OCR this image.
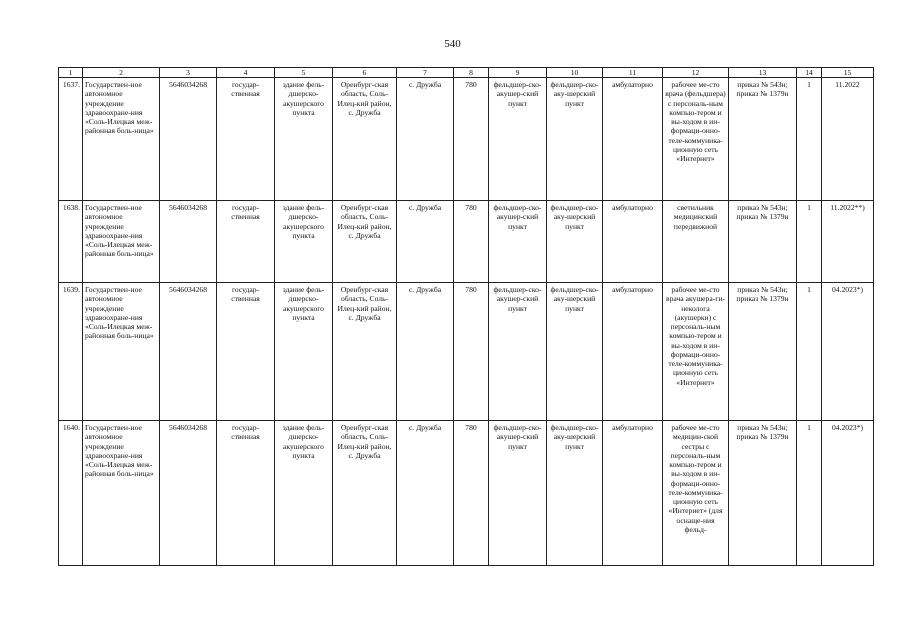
540
1	2	3	4	5	6	7	8	9	10	11	12	13	14	15
1637.	Государствен-ное автономное учреждение здравоохране-ния «Соль-Илецкая меж-районная боль-ница»	5646034268	государ-ственная	здание фель-дшерско-акушерского пункта	Оренбург-ская область, Соль-Илец-кий район, с. Дружба	с. Дружба	780	фельдшер-ско-акушер-ский пункт	фельдшер-ско-аку-шерский пункт	амбулаторно	рабочее ме-сто врача (фельдшера) с персональ-ным компью-тером и вы-ходом в ин-формаци-онно-теле-коммуника-ционную сеть «Интернет»	приказ № 543н; приказ № 1379н	1	11.2022
1638.	Государствен-ное автономное учреждение здравоохране-ния «Соль-Илецкая меж-районная боль-ница»	5646034268	государ-ственная	здание фель-дшерско-акушерского пункта	Оренбург-ская область, Соль-Илец-кий район, с. Дружба	с. Дружба	780	фельдшер-ско-акушер-ский пункт	фельдшер-ско-аку-шерский пункт	амбулаторно	светильник медицинский передвижной	приказ № 543н; приказ № 1379н	1	11.2022**)
1639.	Государствен-ное автономное учреждение здравоохране-ния «Соль-Илецкая меж-районная боль-ница»	5646034268	государ-ственная	здание фель-дшерско-акушерского пункта	Оренбург-ская область, Соль-Илец-кий район, с. Дружба	с. Дружба	780	фельдшер-ско-акушер-ский пункт	фельдшер-ско-аку-шерский пункт	амбулаторно	рабочее ме-сто врача акушера-ги-неколога (акушерки) с персональ-ным компью-тером и вы-ходом в ин-формаци-онно-теле-коммуника-ционную сеть «Интернет»	приказ № 543н; приказ № 1379н	1	04.2023*)
1640.	Государствен-ное автономное учреждение здравоохране-ния «Соль-Илецкая меж-районная боль-ница»	5646034268	государ-ственная	здание фель-дшерско-акушерского пункта	Оренбург-ская область, Соль-Илец-кий район, с. Дружба	с. Дружба	780	фельдшер-ско-акушер-ский пункт	фельдшер-ско-аку-шерский пункт	амбулаторно	рабочее ме-сто медицин-ской сестры с персональ-ным компью-тером и вы-ходом в ин-формаци-онно-теле-коммуника-ционную сеть «Интернет» (для оснаще-ния фельд-	приказ № 543н; приказ № 1379н	1	04.2023*)
